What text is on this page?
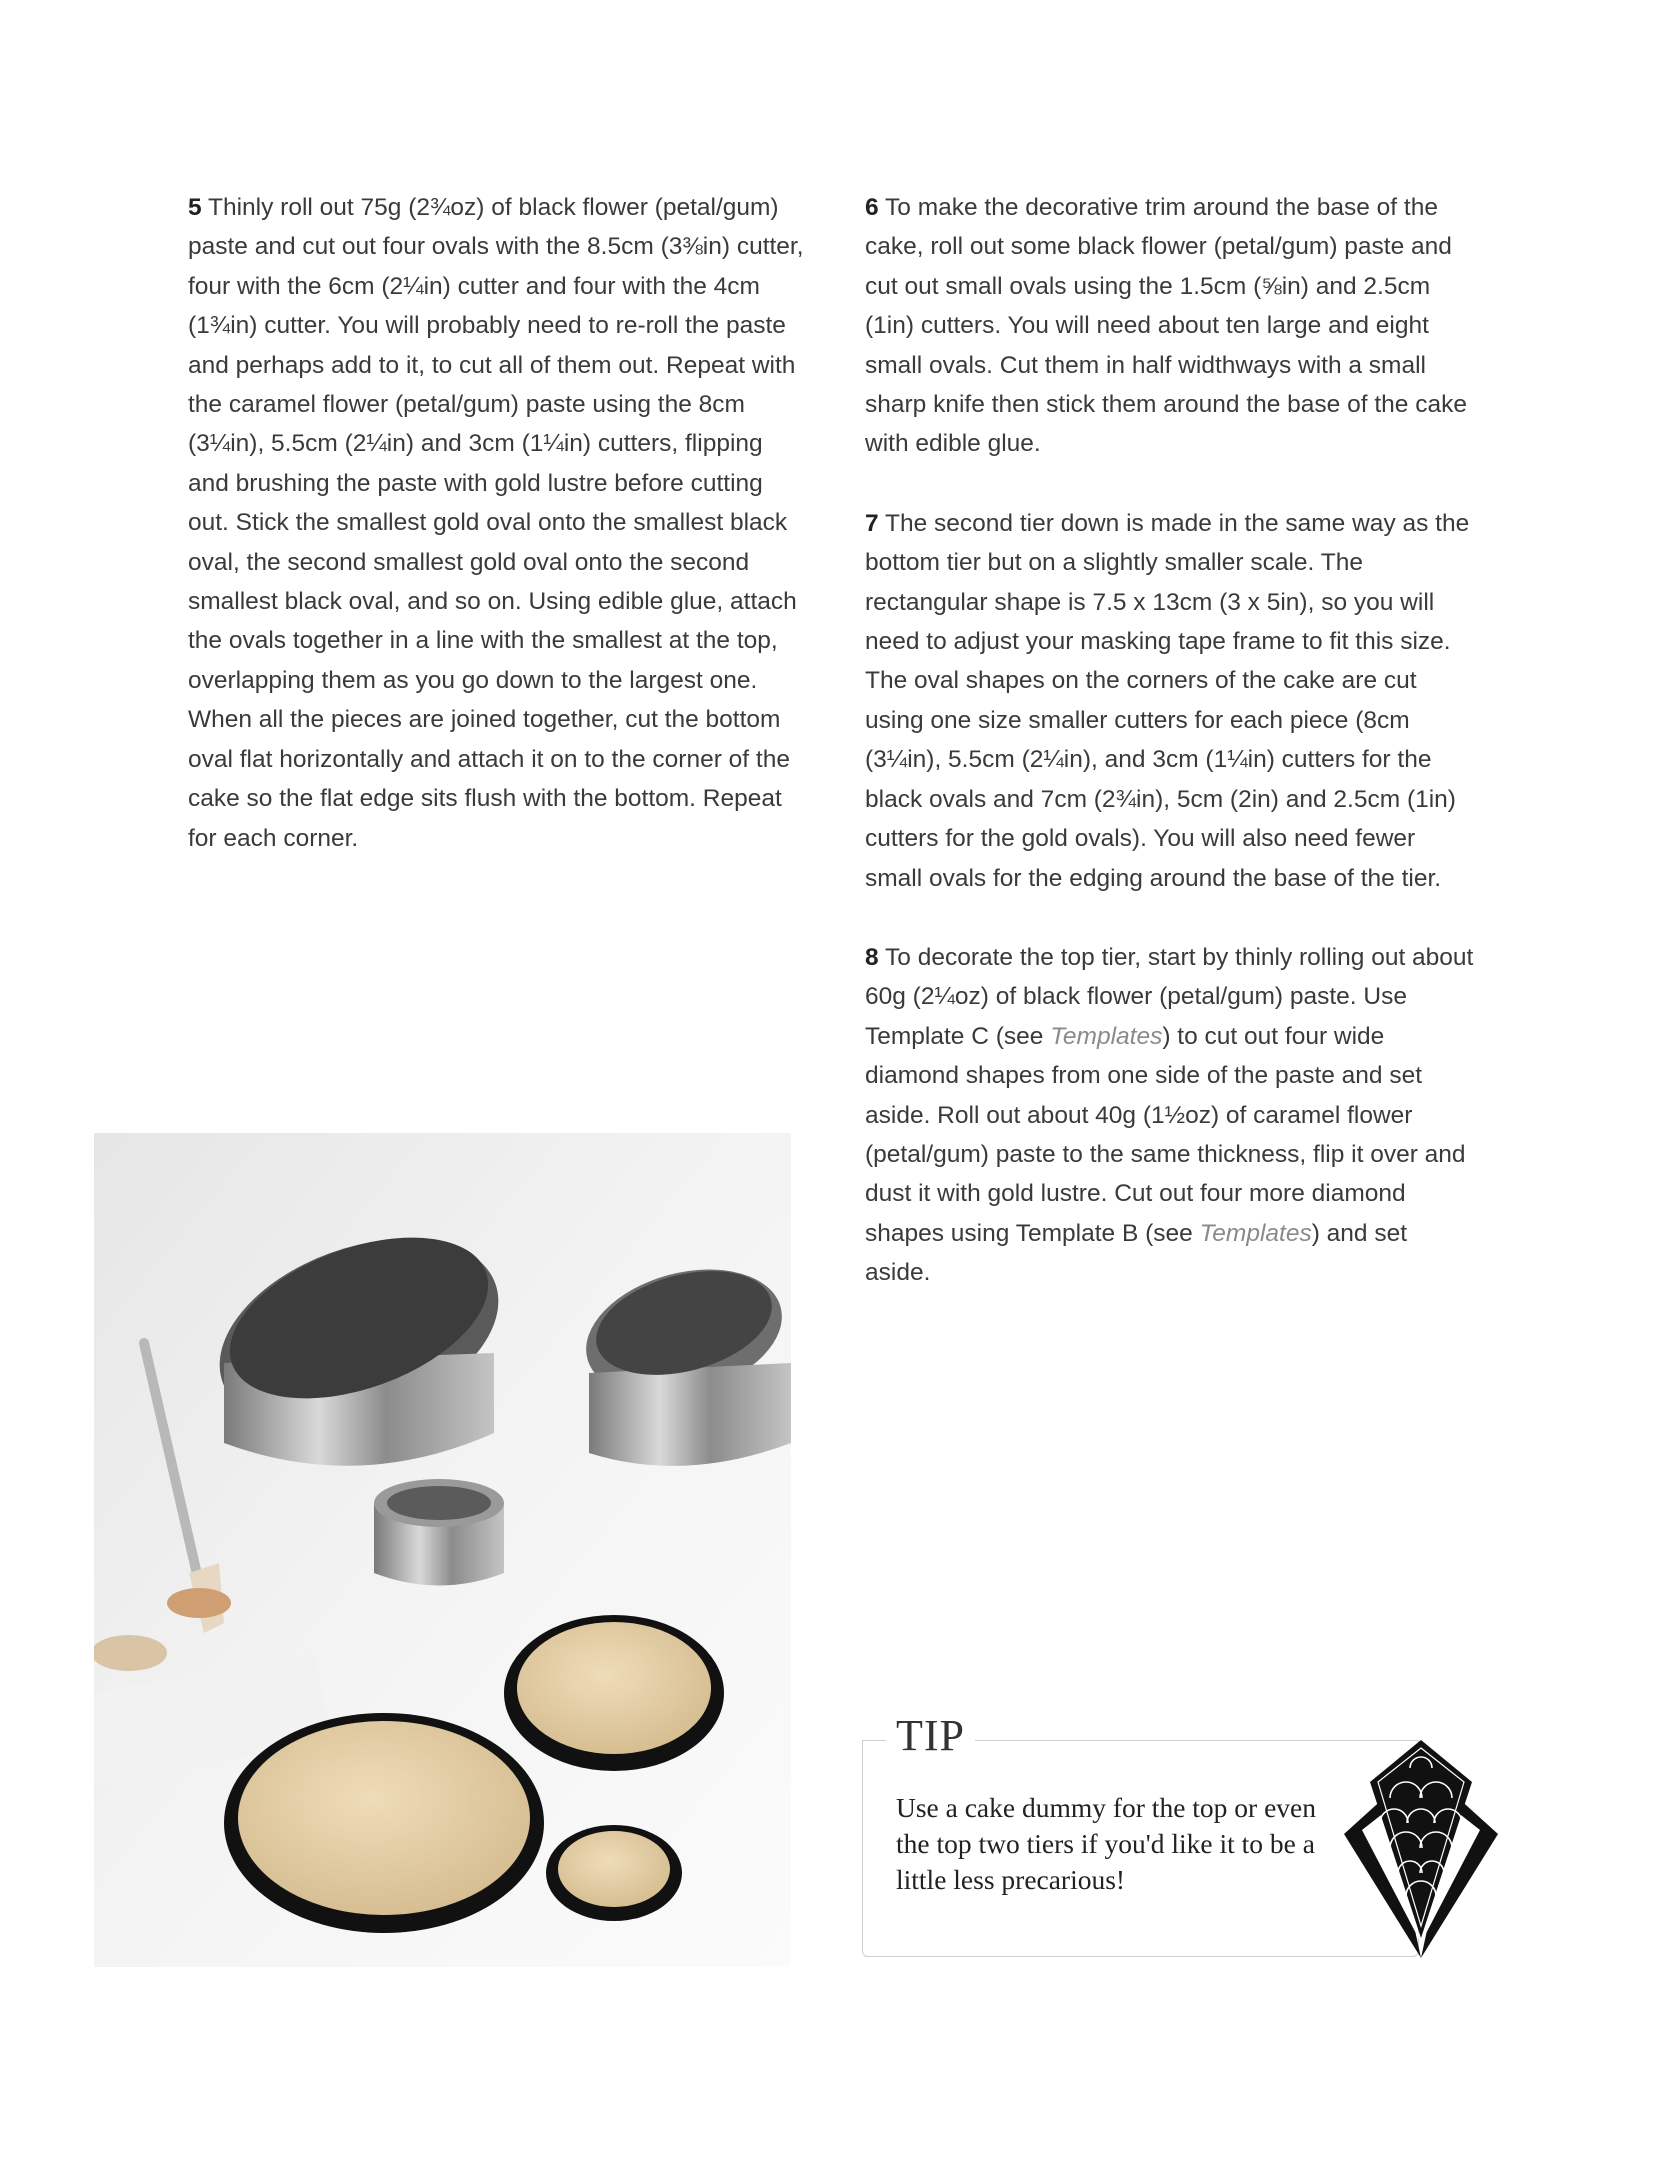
5 Thinly roll out 75g (2¾oz) of black flower (petal/gum) paste and cut out four ovals with the 8.5cm (3⅜in) cutter, four with the 6cm (2¼in) cutter and four with the 4cm (1¾in) cutter. You will probably need to re-roll the paste and perhaps add to it, to cut all of them out. Repeat with the caramel flower (petal/gum) paste using the 8cm (3¼in), 5.5cm (2¼in) and 3cm (1¼in) cutters, flipping and brushing the paste with gold lustre before cutting out. Stick the smallest gold oval onto the smallest black oval, the second smallest gold oval onto the second smallest black oval, and so on. Using edible glue, attach the ovals together in a line with the smallest at the top, overlapping them as you go down to the largest one. When all the pieces are joined together, cut the bottom oval flat horizontally and attach it on to the corner of the cake so the flat edge sits flush with the bottom. Repeat for each corner.

6 To make the decorative trim around the base of the cake, roll out some black flower (petal/gum) paste and cut out small ovals using the 1.5cm (⅝in) and 2.5cm (1in) cutters. You will need about ten large and eight small ovals. Cut them in half widthways with a small sharp knife then stick them around the base of the cake with edible glue.

7 The second tier down is made in the same way as the bottom tier but on a slightly smaller scale. The rectangular shape is 7.5 x 13cm (3 x 5in), so you will need to adjust your masking tape frame to fit this size. The oval shapes on the corners of the cake are cut using one size smaller cutters for each piece (8cm (3¼in), 5.5cm (2¼in), and 3cm (1¼in) cutters for the black ovals and 7cm (2¾in), 5cm (2in) and 2.5cm (1in) cutters for the gold ovals). You will also need fewer small ovals for the edging around the base of the tier.

8 To decorate the top tier, start by thinly rolling out about 60g (2¼oz) of black flower (petal/gum) paste. Use Template C (see Templates) to cut out four wide diamond shapes from one side of the paste and set aside. Roll out about 40g (1½oz) of caramel flower (petal/gum) paste to the same thickness, flip it over and dust it with gold lustre. Cut out four more diamond shapes using Template B (see Templates) and set aside.

TIP
Use a cake dummy for the top or even the top two tiers if you'd like it to be a little less precarious!
